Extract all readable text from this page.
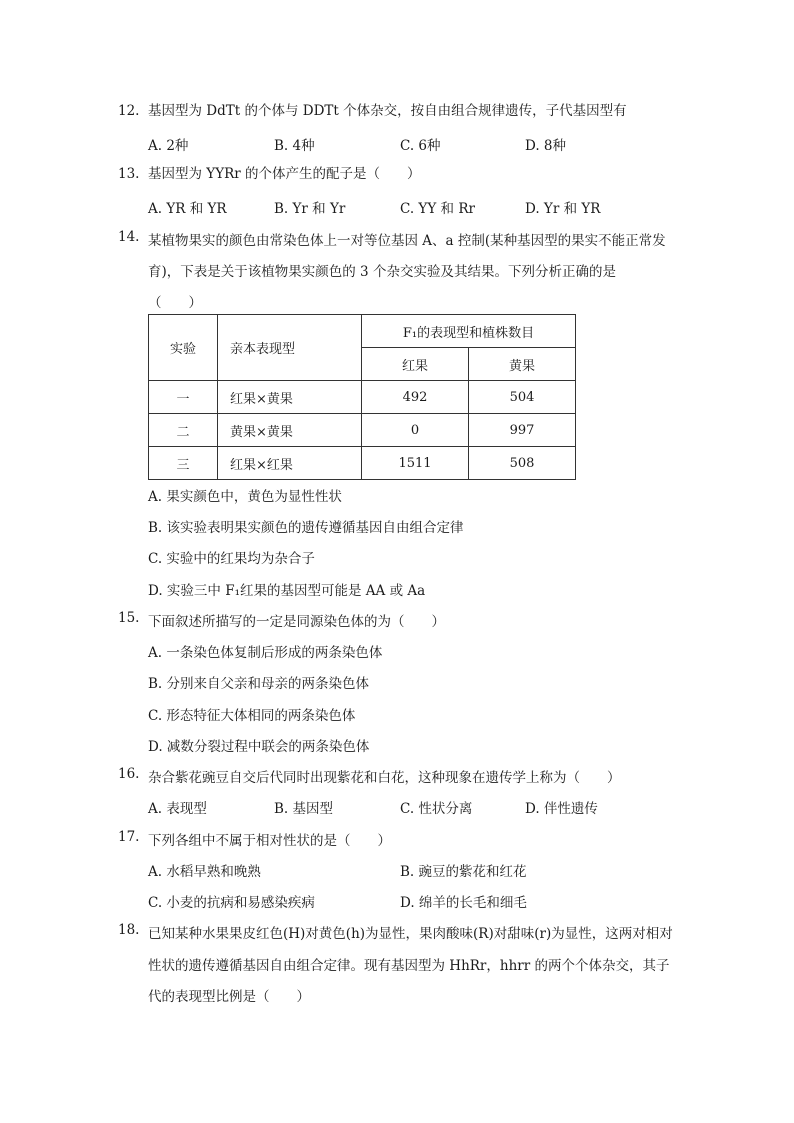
12. 基因型为 DdTt 的个体与 DDTt 个体杂交，按自由组合规律遗传，子代基因型有
A. 2种	B. 4种	C. 6种	D. 8种
13. 基因型为 YYRr 的个体产生的配子是（　　）
A. YR 和 YR	B. Yr 和 Yr	C. YY 和 Rr	D. Yr 和 YR
14. 某植物果实的颜色由常染色体上一对等位基因 A、a 控制(某种基因型的果实不能正常发
育)，下表是关于该植物果实颜色的 3 个杂交实验及其结果。下列分析正确的是
（　　）
实验	亲本表现型	F₁的表现型和植株数目	
		红果	黄果
一	红果×黄果	492	504
二	黄果×黄果	0	997
三	红果×红果	1511	508
A. 果实颜色中，黄色为显性性状
B. 该实验表明果实颜色的遗传遵循基因自由组合定律
C. 实验中的红果均为杂合子
D. 实验三中 F₁红果的基因型可能是 AA 或 Aa
15. 下面叙述所描写的一定是同源染色体的为（　　）
A. 一条染色体复制后形成的两条染色体
B. 分别来自父亲和母亲的两条染色体
C. 形态特征大体相同的两条染色体
D. 减数分裂过程中联会的两条染色体
16. 杂合紫花豌豆自交后代同时出现紫花和白花，这种现象在遗传学上称为（　　）
A. 表现型	B. 基因型	C. 性状分离	D. 伴性遗传
17. 下列各组中不属于相对性状的是（　　）
A. 水稻早熟和晚熟	B. 豌豆的紫花和红花
C. 小麦的抗病和易感染疾病	D. 绵羊的长毛和细毛
18. 已知某种水果果皮红色(H)对黄色(h)为显性，果肉酸味(R)对甜味(r)为显性，这两对相对
性状的遗传遵循基因自由组合定律。现有基因型为 HhRr，hhrr 的两个个体杂交，其子
代的表现型比例是（　　）
